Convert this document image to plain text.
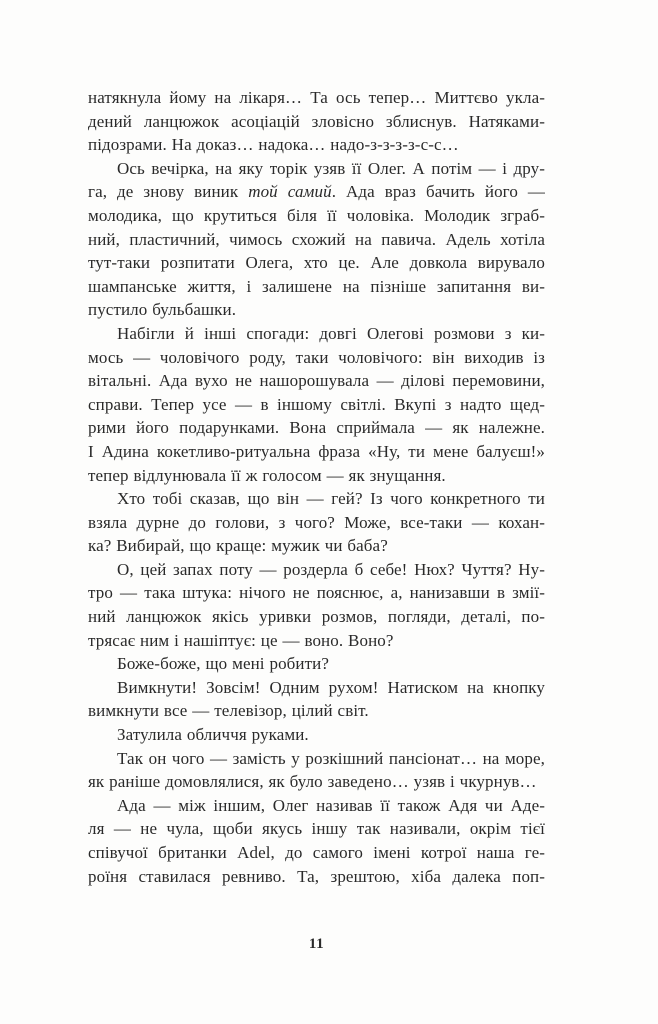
натякнула йому на лікаря… Та ось тепер… Миттєво укла-
дений ланцюжок асоціацій зловісно зблиснув. Натяками-
підозрами. На доказ… надока… надо-з-з-з-з-с-с…
Ось вечірка, на яку торік узяв її Олег. А потім — і дру-
га, де знову виник той самий. Ада враз бачить його —
молодика, що крутиться біля її чоловіка. Молодик зграб-
ний, пластичний, чимось схожий на павича. Адель хотіла
тут-таки розпитати Олега, хто це. Але довкола вирувало
шампанське життя, і залишене на пізніше запитання ви-
пустило бульбашки.
Набігли й інші спогади: довгі Олегові розмови з ки-
мось — чоловічого роду, таки чоловічого: він виходив із
вітальні. Ада вухо не нашорошувала — ділові перемовини,
справи. Тепер усе — в іншому світлі. Вкупі з надто щед-
рими його подарунками. Вона сприймала — як належне.
І Адина кокетливо-ритуальна фраза «Ну, ти мене балуєш!»
тепер відлунювала її ж голосом — як знущання.
Хто тобі сказав, що він — гей? Із чого конкретного ти
взяла дурне до голови, з чого? Може, все-таки — кохан-
ка? Вибирай, що краще: мужик чи баба?
О, цей запах поту — роздерла б себе! Нюх? Чуття? Ну-
тро — така штука: нічого не пояснює, а, нанизавши в змії-
ний ланцюжок якісь уривки розмов, погляди, деталі, по-
трясає ним і нашіптує: це — воно. Воно?
Боже-боже, що мені робити?
Вимкнути! Зовсім! Одним рухом! Натиском на кнопку
вимкнути все — телевізор, цілий світ.
Затулила обличчя руками.
Так он чого — замість у розкішний пансіонат… на море,
як раніше домовлялися, як було заведено… узяв і чкурнув…
Ада — між іншим, Олег називав її також Адя чи Аде-
ля — не чула, щоби якусь іншу так називали, окрім тієї
співучої британки Adel, до самого імені котрої наша ге-
роїня ставилася ревниво. Та, зрештою, хіба далека поп-
11
